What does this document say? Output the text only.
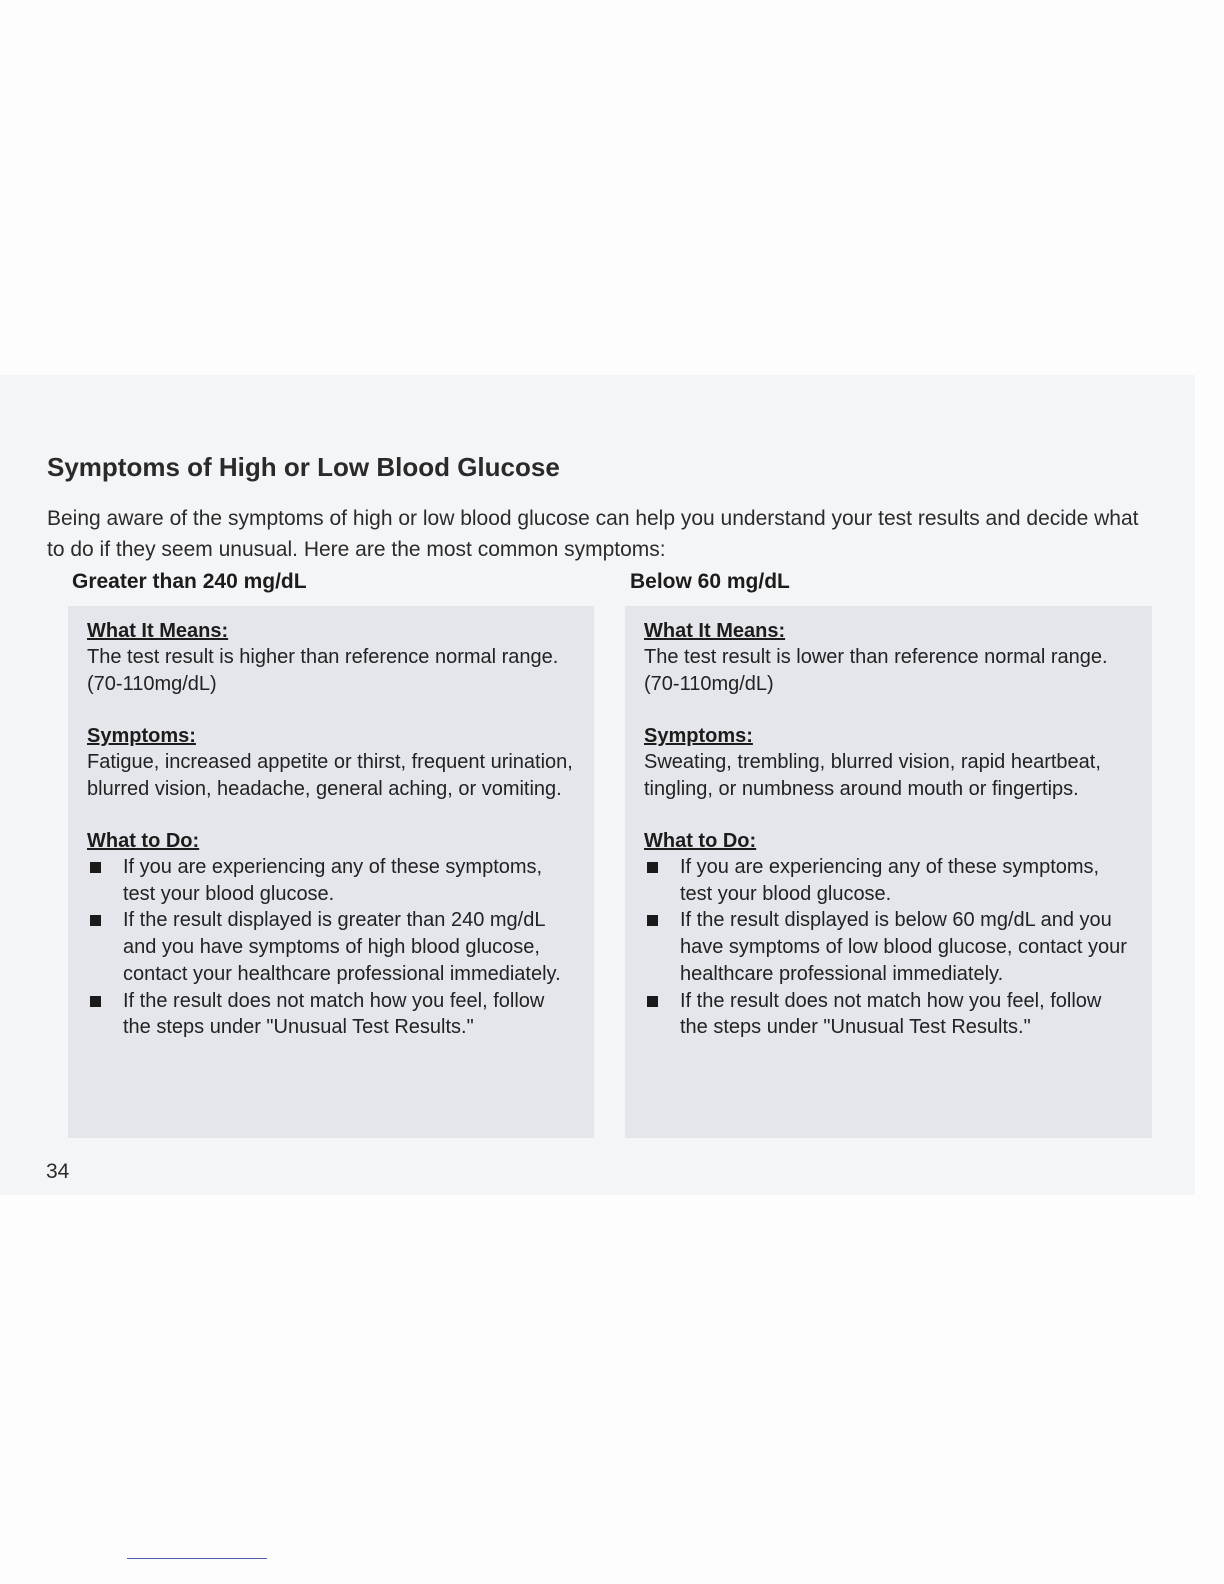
Symptoms of High or Low Blood Glucose

Being aware of the symptoms of high or low blood glucose can help you understand your test results and decide what to do if they seem unusual. Here are the most common symptoms:

Greater than 240 mg/dL	Below 60 mg/dL

What It Means:

The test result is higher than reference normal range. (70-110mg/dL)

Symptoms:

Fatigue, increased appetite or thirst, frequent urination, blurred vision, headache, general aching, or vomiting.

What to Do:

If you are experiencing any of these symptoms, test your blood glucose.
If the result displayed is greater than 240 mg/dL and you have symptoms of high blood glucose, contact your healthcare professional immediately.
If the result does not match how you feel, follow the steps under "Unusual Test Results."

What It Means:

The test result is lower than reference normal range. (70-110mg/dL)

Symptoms:

Sweating, trembling, blurred vision, rapid heartbeat, tingling, or numbness around mouth or fingertips.

What to Do:

If you are experiencing any of these symptoms, test your blood glucose.
If the result displayed is below 60 mg/dL and you have symptoms of low blood glucose, contact your healthcare professional immediately.
If the result does not match how you feel, follow the steps under "Unusual Test Results."
34
